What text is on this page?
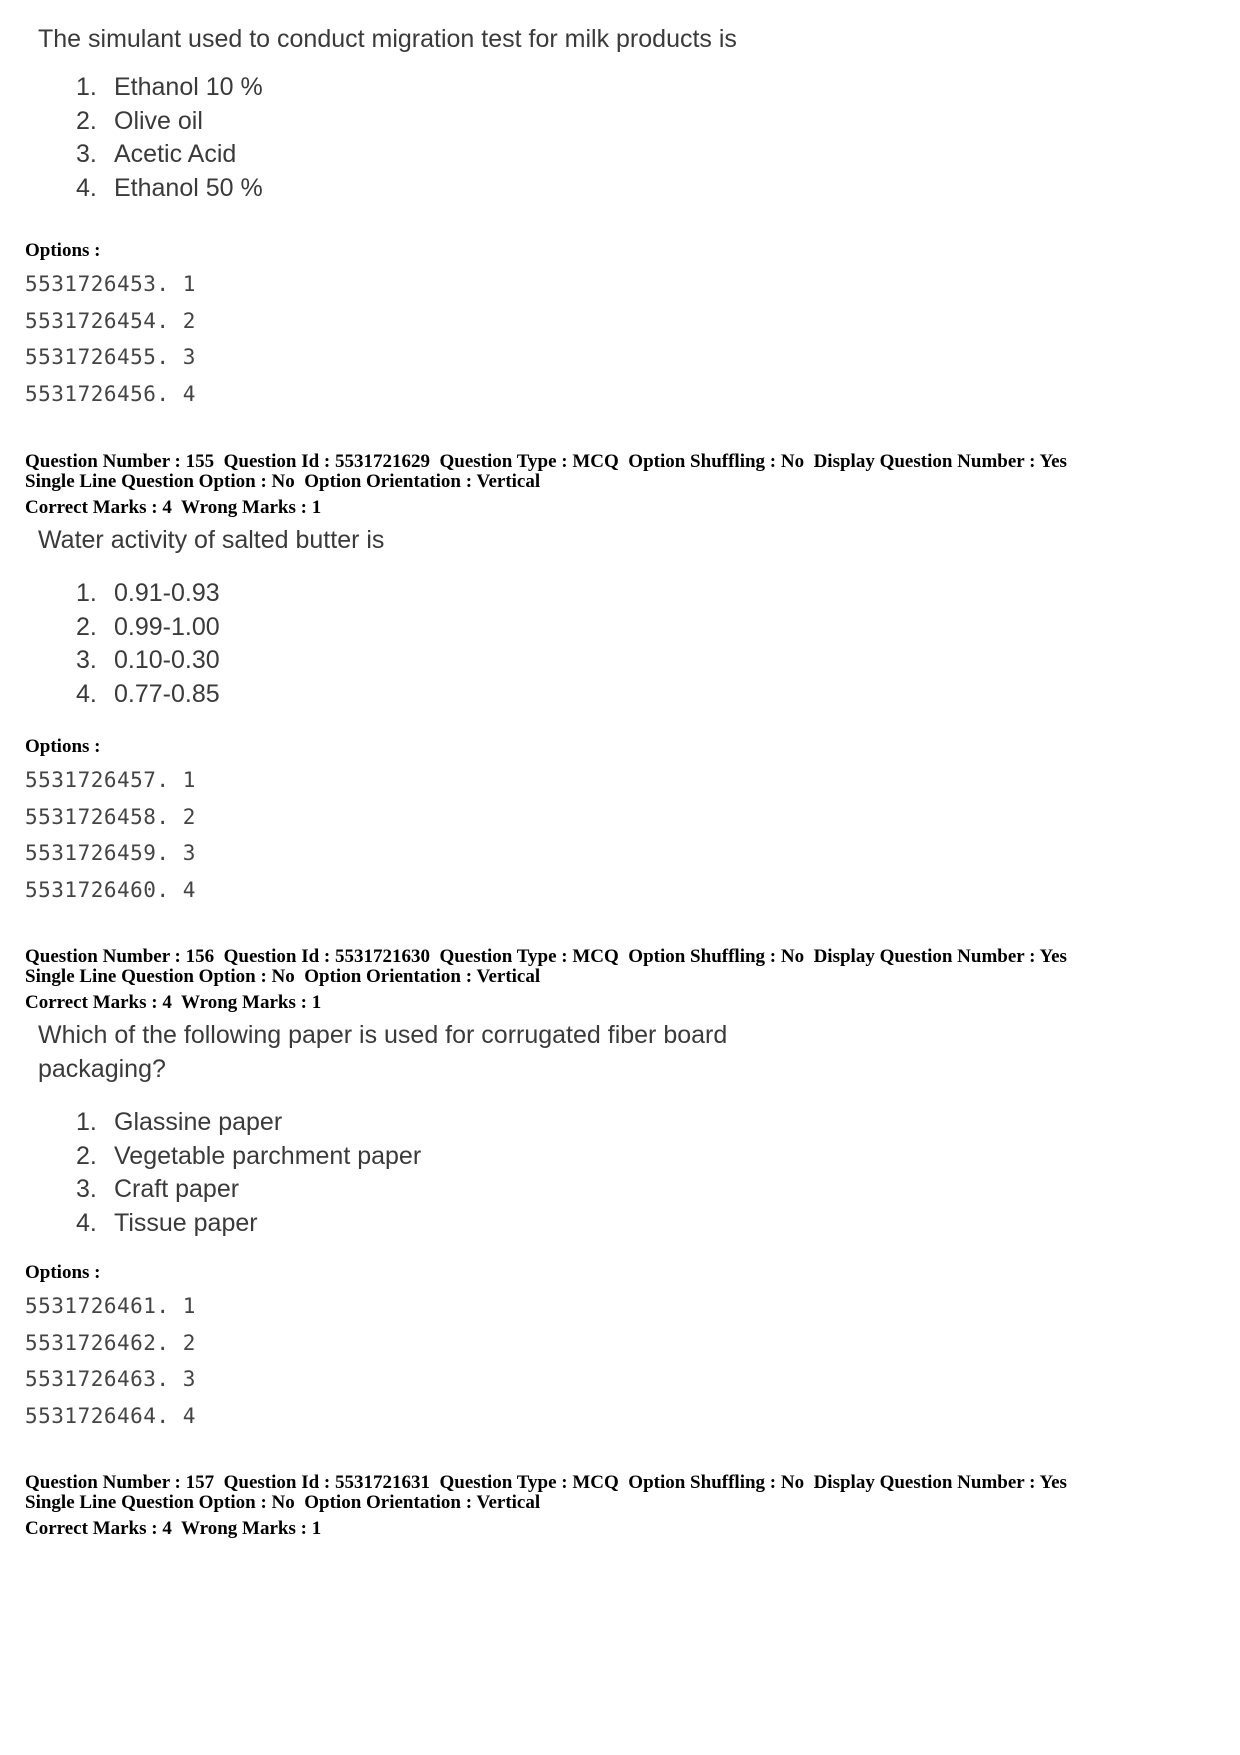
The simulant used to conduct migration test for milk products is

1. Ethanol 10 %
2. Olive oil
3. Acetic Acid
4. Ethanol 50 %

Options :

5531726453. 1
5531726454. 2
5531726455. 3
5531726456. 4
Question Number : 155  Question Id : 5531721629  Question Type : MCQ  Option Shuffling : No  Display Question Number : Yes
Single Line Question Option : No  Option Orientation : Vertical
Correct Marks : 4  Wrong Marks : 1

Water activity of salted butter is

1. 0.91-0.93
2. 0.99-1.00
3. 0.10-0.30
4. 0.77-0.85

Options :

5531726457. 1
5531726458. 2
5531726459. 3
5531726460. 4
Question Number : 156  Question Id : 5531721630  Question Type : MCQ  Option Shuffling : No  Display Question Number : Yes
Single Line Question Option : No  Option Orientation : Vertical
Correct Marks : 4  Wrong Marks : 1

Which of the following paper is used for corrugated fiber board
packaging?

1. Glassine paper
2. Vegetable parchment paper
3. Craft paper
4. Tissue paper

Options :

5531726461. 1
5531726462. 2
5531726463. 3
5531726464. 4
Question Number : 157  Question Id : 5531721631  Question Type : MCQ  Option Shuffling : No  Display Question Number : Yes
Single Line Question Option : No  Option Orientation : Vertical
Correct Marks : 4  Wrong Marks : 1
